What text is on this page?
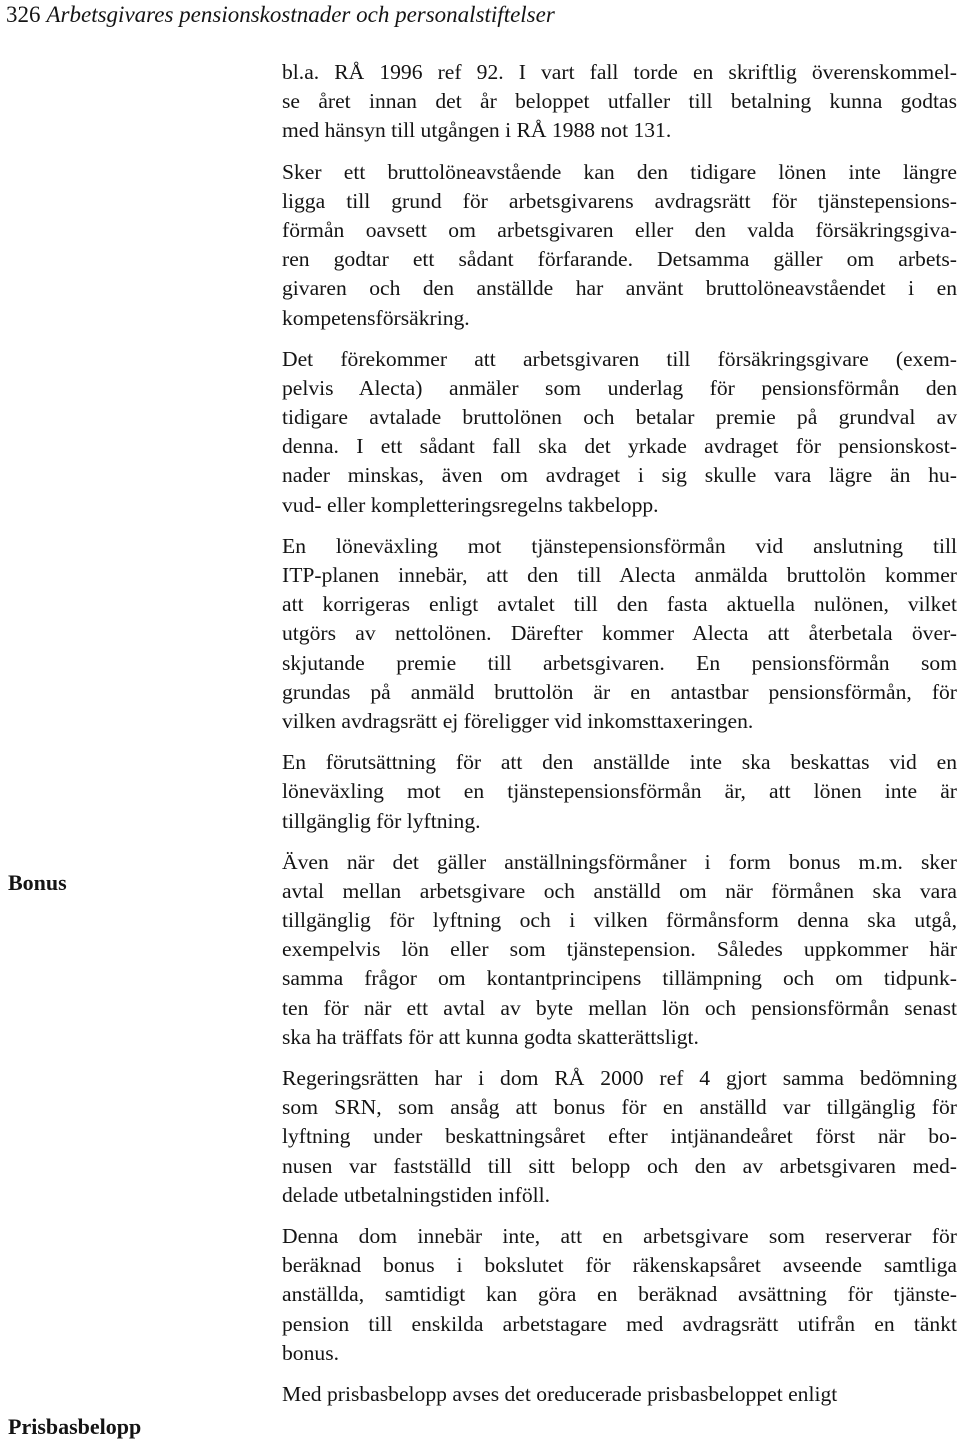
326 Arbetsgivares pensionskostnader och personalstiftelser
Bonus
Prisbasbelopp

bl.a. RÅ 1996 ref 92. I vart fall torde en skriftlig överenskommel-
se året innan det år beloppet utfaller till betalning kunna godtas
med hänsyn till utgången i RÅ 1988 not 131.

Sker ett bruttolöneavstående kan den tidigare lönen inte längre
ligga till grund för arbetsgivarens avdragsrätt för tjänstepensions-
förmån oavsett om arbetsgivaren eller den valda försäkringsgiva-
ren godtar ett sådant förfarande. Detsamma gäller om arbets-
givaren och den anställde har använt bruttolöneavståendet i en
kompetensförsäkring.

Det förekommer att arbetsgivaren till försäkringsgivare (exem-
pelvis Alecta) anmäler som underlag för pensionsförmån den
tidigare avtalade bruttolönen och betalar premie på grundval av
denna. I ett sådant fall ska det yrkade avdraget för pensionskost-
nader minskas, även om avdraget i sig skulle vara lägre än hu-
vud- eller kompletteringsregelns takbelopp.

En löneväxling mot tjänstepensionsförmån vid anslutning till
ITP-planen innebär, att den till Alecta anmälda bruttolön kommer
att korrigeras enligt avtalet till den fasta aktuella nulönen, vilket
utgörs av nettolönen. Därefter kommer Alecta att återbetala över-
skjutande premie till arbetsgivaren. En pensionsförmån som
grundas på anmäld bruttolön är en antastbar pensionsförmån, för
vilken avdragsrätt ej föreligger vid inkomsttaxeringen.

En förutsättning för att den anställde inte ska beskattas vid en
löneväxling mot en tjänstepensionsförmån är, att lönen inte är
tillgänglig för lyftning.

Även när det gäller anställningsförmåner i form bonus m.m. sker
avtal mellan arbetsgivare och anställd om när förmånen ska vara
tillgänglig för lyftning och i vilken förmånsform denna ska utgå,
exempelvis lön eller som tjänstepension. Således uppkommer här
samma frågor om kontantprincipens tillämpning och om tidpunk-
ten för när ett avtal av byte mellan lön och pensionsförmån senast
ska ha träffats för att kunna godta skatterättsligt.

Regeringsrätten har i dom RÅ 2000 ref 4 gjort samma bedömning
som SRN, som ansåg att bonus för en anställd var tillgänglig för
lyftning under beskattningsåret efter intjänandeåret först när bo-
nusen var fastställd till sitt belopp och den av arbetsgivaren med-
delade utbetalningstiden inföll.

Denna dom innebär inte, att en arbetsgivare som reserverar för
beräknad bonus i bokslutet för räkenskapsåret avseende samtliga
anställda, samtidigt kan göra en beräknad avsättning för tjänste-
pension till enskilda arbetstagare med avdragsrätt utifrån en tänkt
bonus.

Med prisbasbelopp avses det oreducerade prisbasbeloppet enligt
